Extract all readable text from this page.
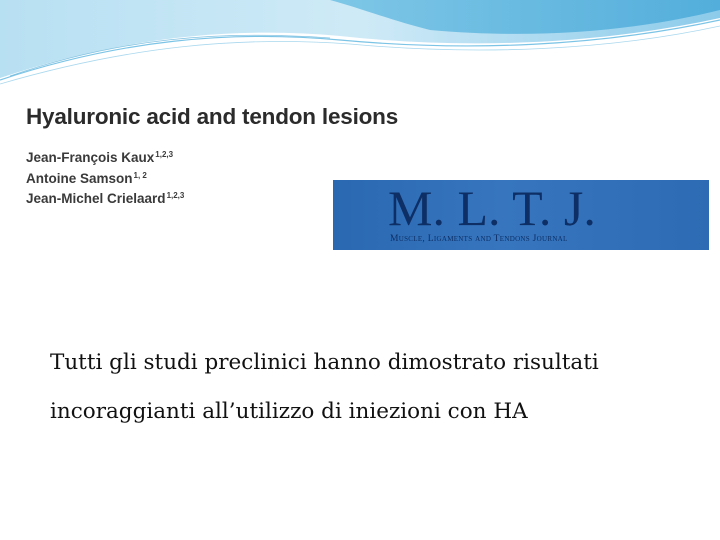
Hyaluronic acid and tendon lesions
Jean-François Kaux$^{1,2,3}$
Antoine Samson$^{1, 2}$
Jean-Michel Crielaard$^{1,2,3}$	M. L. T. J.
Muscle, Ligaments and Tendons Journal
Tutti gli studi preclinici hanno dimostrato risultati
incoraggianti all’utilizzo di iniezioni con HA
